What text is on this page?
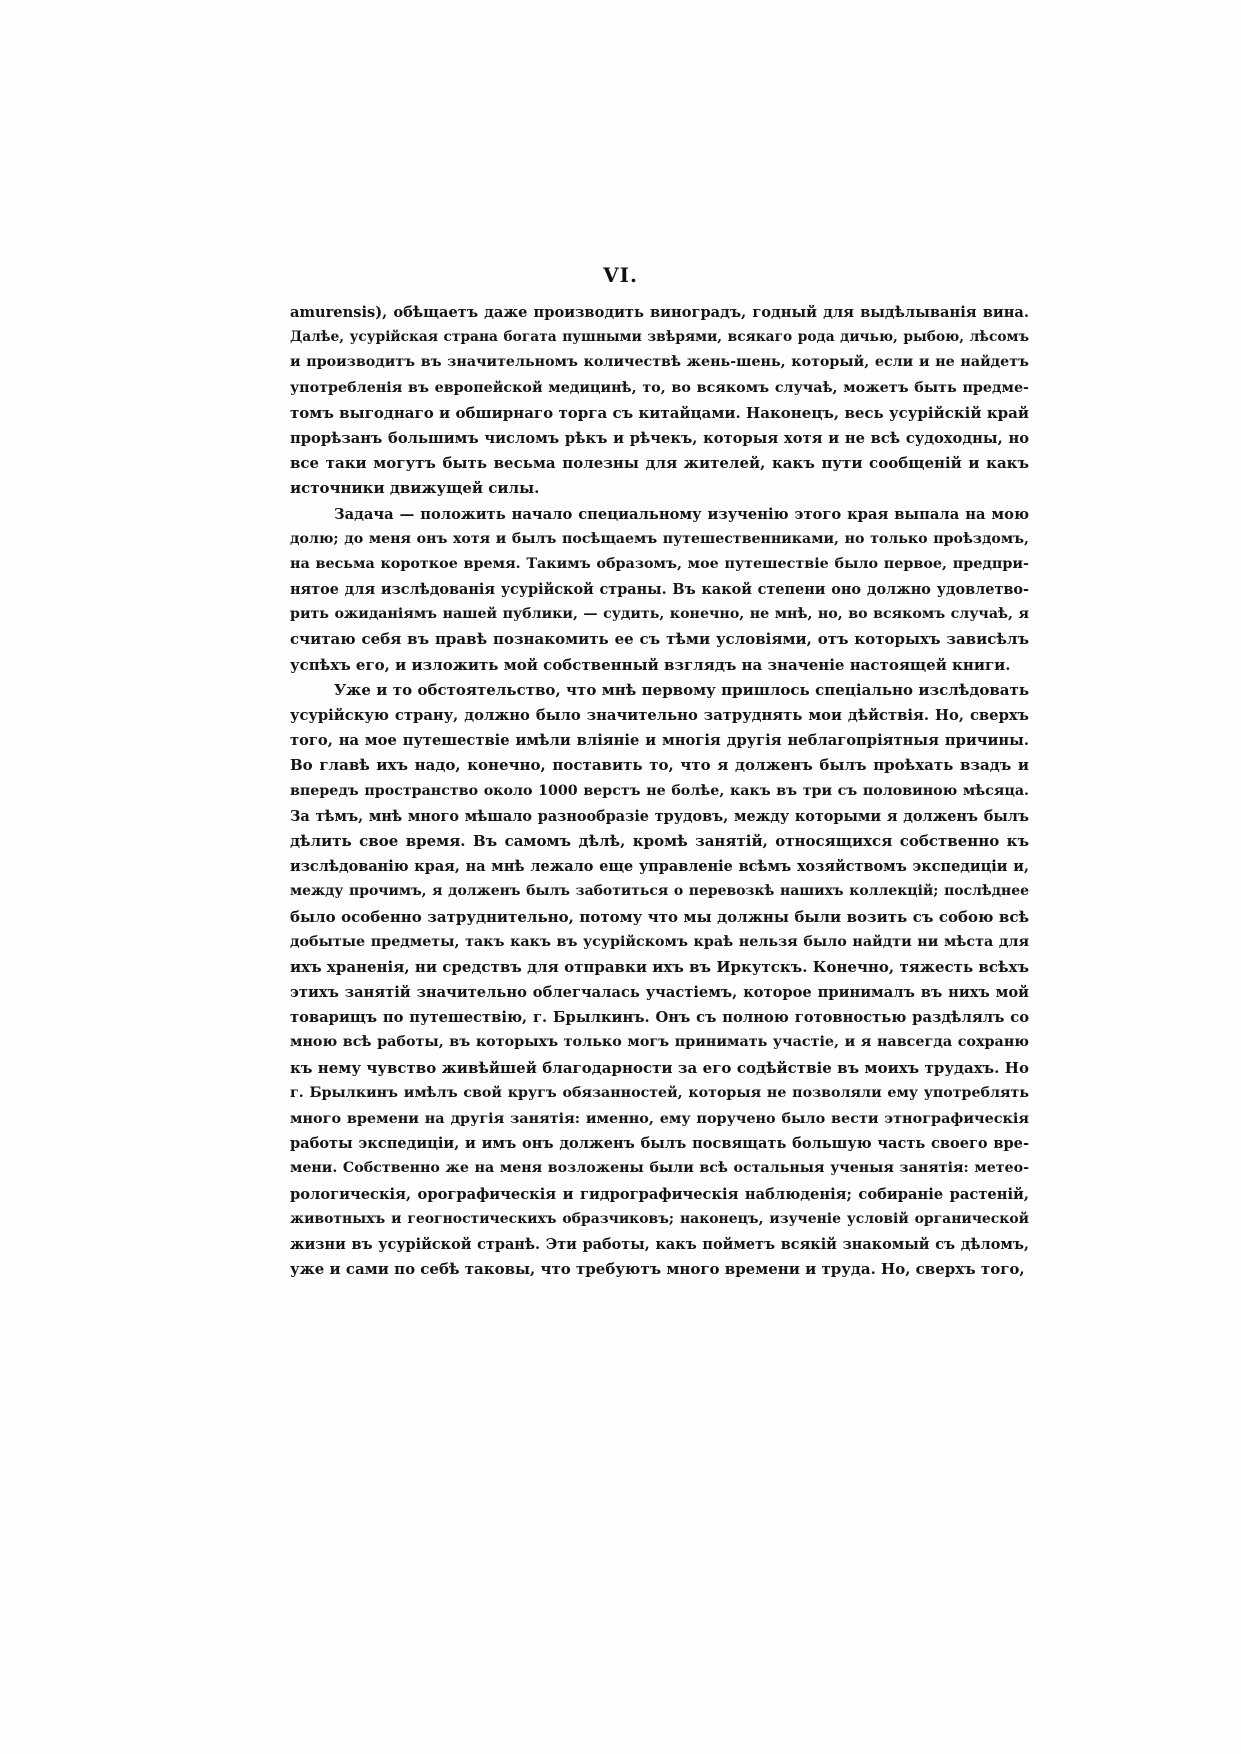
VI.
amurensis), обѣщаетъ даже производить виноградъ, годный для выдѣлыванія вина.
Далѣе, усурійская страна богата пушными звѣрями, всякаго рода дичью, рыбою, лѣсомъ
и производитъ въ значительномъ количествѣ жень-шень, который, если и не найдетъ
употребленія въ европейской медицинѣ, то, во всякомъ случаѣ, можетъ быть предме-
томъ выгоднаго и обширнаго торга съ китайцами. Наконецъ, весь усурійскій край
прорѣзанъ большимъ числомъ рѣкъ и рѣчекъ, которыя хотя и не всѣ судоходны, но
все таки могутъ быть весьма полезны для жителей, какъ пути сообщеній и какъ
источники движущей силы.
Задача — положить начало специальному изученію этого края выпала на мою
долю; до меня онъ хотя и былъ посѣщаемъ путешественниками, но только проѣздомъ,
на весьма короткое время. Такимъ образомъ, мое путешествіе было первое, предпри-
нятое для изслѣдованія усурійской страны. Въ какой степени оно должно удовлетво-
рить ожиданіямъ нашей публики, — судить, конечно, не мнѣ, но, во всякомъ случаѣ, я
считаю себя въ правѣ познакомить ее съ тѣми условіями, отъ которыхъ зависѣлъ
успѣхъ его, и изложить мой собственный взглядъ на значеніе настоящей книги.
Уже и то обстоятельство, что мнѣ первому пришлось спеціально изслѣдовать
усурійскую страну, должно было значительно затруднять мои дѣйствія. Но, сверхъ
того, на мое путешествіе имѣли вліяніе и многія другія неблагопріятныя причины.
Во главѣ ихъ надо, конечно, поставить то, что я долженъ былъ проѣхать взадъ и
впередъ пространство около 1000 верстъ не болѣе, какъ въ три съ половиною мѣсяца.
За тѣмъ, мнѣ много мѣшало разнообразіе трудовъ, между которыми я долженъ былъ
дѣлить свое время. Въ самомъ дѣлѣ, кромѣ занятій, относящихся собственно къ
изслѣдованію края, на мнѣ лежало еще управленіе всѣмъ хозяйствомъ экспедиціи и,
между прочимъ, я долженъ былъ заботиться о перевозкѣ нашихъ коллекцій; послѣднее
было особенно затруднительно, потому что мы должны были возить съ собою всѣ
добытые предметы, такъ какъ въ усурійскомъ краѣ нельзя было найдти ни мѣста для
ихъ храненія, ни средствъ для отправки ихъ въ Иркутскъ. Конечно, тяжесть всѣхъ
этихъ занятій значительно облегчалась участіемъ, которое принималъ въ нихъ мой
товарищъ по путешествію, г. Брылкинъ. Онъ съ полною готовностью раздѣлялъ со
мною всѣ работы, въ которыхъ только могъ принимать участіе, и я навсегда сохраню
къ нему чувство живѣйшей благодарности за его содѣйствіе въ моихъ трудахъ. Но
г. Брылкинъ имѣлъ свой кругъ обязанностей, которыя не позволяли ему употреблять
много времени на другія занятія: именно, ему поручено было вести этнографическія
работы экспедиціи, и имъ онъ долженъ былъ посвящать большую часть своего вре-
мени. Собственно же на меня возложены были всѣ остальныя ученыя занятія: метео-
рологическія, орографическія и гидрографическія наблюденія; собираніе растеній,
животныхъ и геогностическихъ образчиковъ; наконецъ, изученіе условій органической
жизни въ усурійской странѣ. Эти работы, какъ пойметъ всякій знакомый съ дѣломъ,
уже и сами по себѣ таковы, что требуютъ много времени и труда. Но, сверхъ того,
